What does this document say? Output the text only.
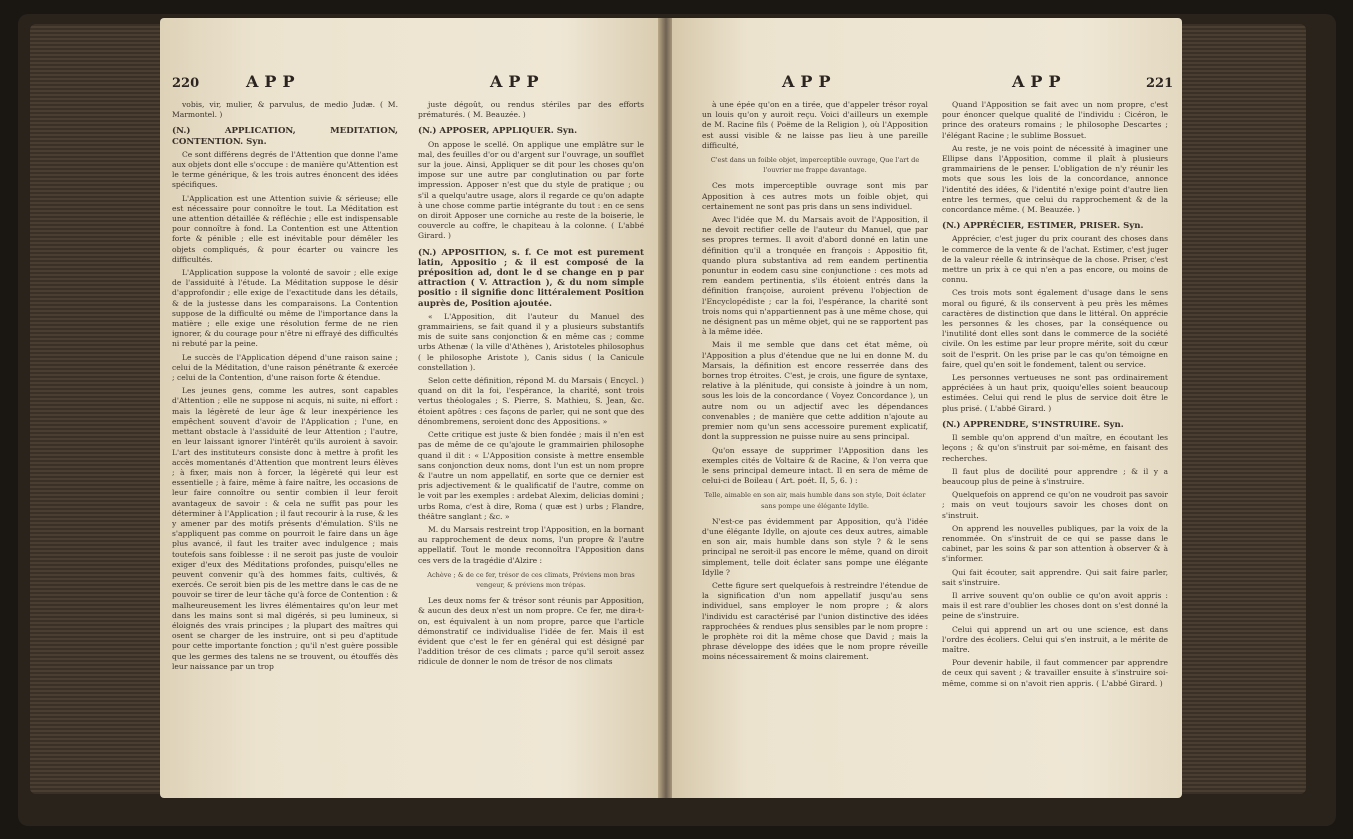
220	APP	APP

vobis, vir, mulier, & parvulus, de medio Judæ. ( M. Marmontel. )

(N.) APPLICATION, MEDITATION, CONTENTION. Syn.

Ce sont différens degrés de l'Attention que donne l'ame aux objets dont elle s'occupe : de manière qu'Attention est le terme générique, & les trois autres énoncent des idées spécifiques.

L'Application est une Attention suivie & sérieuse; elle est nécessaire pour connoître le tout. La Méditation est une attention détaillée & réfléchie ; elle est indispensable pour connoître à fond. La Contention est une Attention forte & pénible ; elle est inévitable pour démêler les objets compliqués, & pour écarter ou vaincre les difficultés.

L'Application suppose la volonté de savoir ; elle exige de l'assiduité à l'étude. La Méditation suppose le désir d'approfondir ; elle exige de l'exactitude dans les détails, & de la justesse dans les comparaisons. La Contention suppose de la difficulté ou même de l'importance dans la matière ; elle exige une résolution ferme de ne rien ignorer, & du courage pour n'être ni effrayé des difficultés ni rebuté par la peine.

Le succès de l'Application dépend d'une raison saine ; celui de la Méditation, d'une raison pénétrante & exercée ; celui de la Contention, d'une raison forte & étendue.

Les jeunes gens, comme les autres, sont capables d'Attention ; elle ne suppose ni acquis, ni suite, ni effort : mais la légèreté de leur âge & leur inexpérience les empêchent souvent d'avoir de l'Application ; l'une, en mettant obstacle à l'assiduité de leur Attention ; l'autre, en leur laissant ignorer l'intérêt qu'ils auroient à savoir. L'art des instituteurs consiste donc à mettre à profit les accès momentanés d'Attention que montrent leurs élèves ; à fixer, mais non à forcer, la légèreté qui leur est essentielle ; à faire, même à faire naître, les occasions de leur faire connoître ou sentir combien il leur feroit avantageux de savoir : & cela ne suffit pas pour les déterminer à l'Application ; il faut recourir à la ruse, & les y amener par des motifs présents d'émulation. S'ils ne s'appliquent pas comme on pourroit le faire dans un âge plus avancé, il faut les traiter avec indulgence ; mais toutefois sans foiblesse : il ne seroit pas juste de vouloir exiger d'eux des Méditations profondes, puisqu'elles ne peuvent convenir qu'à des hommes faits, cultivés, & exercés. Ce seroit bien pis de les mettre dans le cas de ne pouvoir se tirer de leur tâche qu'à force de Contention : & malheureusement les livres élémentaires qu'on leur met dans les mains sont si mal digérés, si peu lumineux, si éloignés des vrais principes ; la plupart des maîtres qui osent se charger de les instruire, ont si peu d'aptitude pour cette importante fonction ; qu'il n'est guère possible que les germes des talens ne se trouvent, ou étouffés dès leur naissance par un trop

juste dégoût, ou rendus stériles par des efforts prématurés. ( M. Beauzée. )

(N.) APPOSER, APPLIQUER. Syn.

On appose le scellé. On applique une emplâtre sur le mal, des feuilles d'or ou d'argent sur l'ouvrage, un soufflet sur la joue. Ainsi, Appliquer se dit pour les choses qu'on impose sur une autre par conglutination ou par forte impression. Apposer n'est que du style de pratique ; ou s'il a quelqu'autre usage, alors il regarde ce qu'on adapte à une chose comme partie intégrante du tout : en ce sens on diroit Apposer une corniche au reste de la boiserie, le couvercle au coffre, le chapiteau à la colonne. ( L'abbé Girard. )

(N.) APPOSITION, s. f. Ce mot est purement latin, Appositio ; & il est composé de la préposition ad, dont le d se change en p par attraction ( V. Attraction ), & du nom simple positio : il signifie donc littéralement Position auprès de, Position ajoutée.

« L'Apposition, dit l'auteur du Manuel des grammairiens, se fait quand il y a plusieurs substantifs mis de suite sans conjonction & en même cas ; comme urbs Athenæ ( la ville d'Athènes ), Aristoteles philosophus ( le philosophe Aristote ), Canis sidus ( la Canicule constellation ).

Selon cette définition, répond M. du Marsais ( Encycl. ) quand on dit la foi, l'espérance, la charité, sont trois vertus théologales ; S. Pierre, S. Mathieu, S. Jean, &c. étoient apôtres : ces façons de parler, qui ne sont que des dénombremens, seroient donc des Appositions. »

Cette critique est juste & bien fondée ; mais il n'en est pas de même de ce qu'ajoute le grammairien philosophe quand il dit : « L'Apposition consiste à mettre ensemble sans conjonction deux noms, dont l'un est un nom propre & l'autre un nom appellatif, en sorte que ce dernier est pris adjectivement & le qualificatif de l'autre, comme on le voit par les exemples : ardebat Alexim, delicias domini ; urbs Roma, c'est à dire, Roma ( quæ est ) urbs ; Flandre, théâtre sanglant ; &c. »

M. du Marsais restreint trop l'Apposition, en la bornant au rapprochement de deux noms, l'un propre & l'autre appellatif. Tout le monde reconnoîtra l'Apposition dans ces vers de la tragédie d'Alzire :

Achève ; & de ce fer, trésor de ces climats, Préviens mon bras vengeur, & préviens mon trépas.

Les deux noms fer & trésor sont réunis par Apposition, & aucun des deux n'est un nom propre. Ce fer, me dira-t-on, est équivalent à un nom propre, parce que l'article démonstratif ce individualise l'idée de fer. Mais il est évident que c'est le fer en général qui est désigné par l'addition trésor de ces climats ; parce qu'il seroit assez ridicule de donner le nom de trésor de nos climats

APP	APP	221

à une épée qu'on en a tirée, que d'appeler trésor royal un louis qu'on y auroit reçu. Voici d'ailleurs un exemple de M. Racine fils ( Poëme de la Religion ), où l'Apposition est aussi visible & ne laisse pas lieu à une pareille difficulté,

C'est dans un foible objet, imperceptible ouvrage, Que l'art de l'ouvrier me frappe davantage.

Ces mots imperceptible ouvrage sont mis par Apposition à ces autres mots un foible objet, qui certainement ne sont pas pris dans un sens individuel.

Avec l'idée que M. du Marsais avoit de l'Apposition, il ne devoit rectifier celle de l'auteur du Manuel, que par ses propres termes. Il avoit d'abord donné en latin une définition qu'il a tronquée en françois : Appositio fit, quando plura substantiva ad rem eandem pertinentia ponuntur in eodem casu sine conjunctione : ces mots ad rem eandem pertinentia, s'ils étoient entrés dans la définition françoise, auroient prévenu l'objection de l'Encyclopédiste ; car la foi, l'espérance, la charité sont trois noms qui n'appartiennent pas à une même chose, qui ne désignent pas un même objet, qui ne se rapportent pas à la même idée.

Mais il me semble que dans cet état même, où l'Apposition a plus d'étendue que ne lui en donne M. du Marsais, la définition est encore resserrée dans des bornes trop étroites. C'est, je crois, une figure de syntaxe, relative à la plénitude, qui consiste à joindre à un nom, sous les lois de la concordance ( Voyez Concordance ), un autre nom ou un adjectif avec les dépendances convenables ; de manière que cette addition n'ajoute au premier nom qu'un sens accessoire purement explicatif, dont la suppression ne puisse nuire au sens principal.

Qu'on essaye de supprimer l'Apposition dans les exemples cités de Voltaire & de Racine, & l'on verra que le sens principal demeure intact. Il en sera de même de celui-ci de Boileau ( Art. poét. II, 5, 6. ) :

Telle, aimable en son air, mais humble dans son style, Doit éclater sans pompe une élégante Idylle.

N'est-ce pas évidemment par Apposition, qu'à l'idée d'une élégante Idylle, on ajoute ces deux autres, aimable en son air, mais humble dans son style ? & le sens principal ne seroit-il pas encore le même, quand on diroit simplement, telle doit éclater sans pompe une élégante Idylle ?

Cette figure sert quelquefois à restreindre l'étendue de la signification d'un nom appellatif jusqu'au sens individuel, sans employer le nom propre ; & alors l'individu est caractérisé par l'union distinctive des idées rapprochées & rendues plus sensibles par le nom propre : le prophète roi dit la même chose que David ; mais la phrase développe des idées que le nom propre réveille moins nécessairement & moins clairement.

Quand l'Apposition se fait avec un nom propre, c'est pour énoncer quelque qualité de l'individu : Cicéron, le prince des orateurs romains ; le philosophe Descartes ; l'élégant Racine ; le sublime Bossuet.

Au reste, je ne vois point de nécessité à imaginer une Ellipse dans l'Apposition, comme il plaît à plusieurs grammairiens de le penser. L'obligation de n'y réunir les mots que sous les lois de la concordance, annonce l'identité des idées, & l'identité n'exige point d'autre lien entre les termes, que celui du rapprochement & de la concordance même. ( M. Beauzée. )

(N.) APPRÉCIER, ESTIMER, PRISER. Syn.

Apprécier, c'est juger du prix courant des choses dans le commerce de la vente & de l'achat. Estimer, c'est juger de la valeur réelle & intrinsèque de la chose. Priser, c'est mettre un prix à ce qui n'en a pas encore, ou moins de connu.

Ces trois mots sont également d'usage dans le sens moral ou figuré, & ils conservent à peu près les mêmes caractères de distinction que dans le littéral. On apprécie les personnes & les choses, par la conséquence ou l'inutilité dont elles sont dans le commerce de la société civile. On les estime par leur propre mérite, soit du cœur soit de l'esprit. On les prise par le cas qu'on témoigne en faire, quel qu'en soit le fondement, talent ou service.

Les personnes vertueuses ne sont pas ordinairement appréciées à un haut prix, quoiqu'elles soient beaucoup estimées. Celui qui rend le plus de service doit être le plus prisé. ( L'abbé Girard. )

(N.) APPRENDRE, S'INSTRUIRE. Syn.

Il semble qu'on apprend d'un maître, en écoutant les leçons ; & qu'on s'instruit par soi-même, en faisant des recherches.

Il faut plus de docilité pour apprendre ; & il y a beaucoup plus de peine à s'instruire.

Quelquefois on apprend ce qu'on ne voudroit pas savoir ; mais on veut toujours savoir les choses dont on s'instruit.

On apprend les nouvelles publiques, par la voix de la renommée. On s'instruit de ce qui se passe dans le cabinet, par les soins & par son attention à observer & à s'informer.

Qui fait écouter, sait apprendre. Qui sait faire parler, sait s'instruire.

Il arrive souvent qu'on oublie ce qu'on avoit appris : mais il est rare d'oublier les choses dont on s'est donné la peine de s'instruire.

Celui qui apprend un art ou une science, est dans l'ordre des écoliers. Celui qui s'en instruit, a le mérite de maître.

Pour devenir habile, il faut commencer par apprendre de ceux qui savent ; & travailler ensuite à s'instruire soi-même, comme si on n'avoit rien appris. ( L'abbé Girard. )
